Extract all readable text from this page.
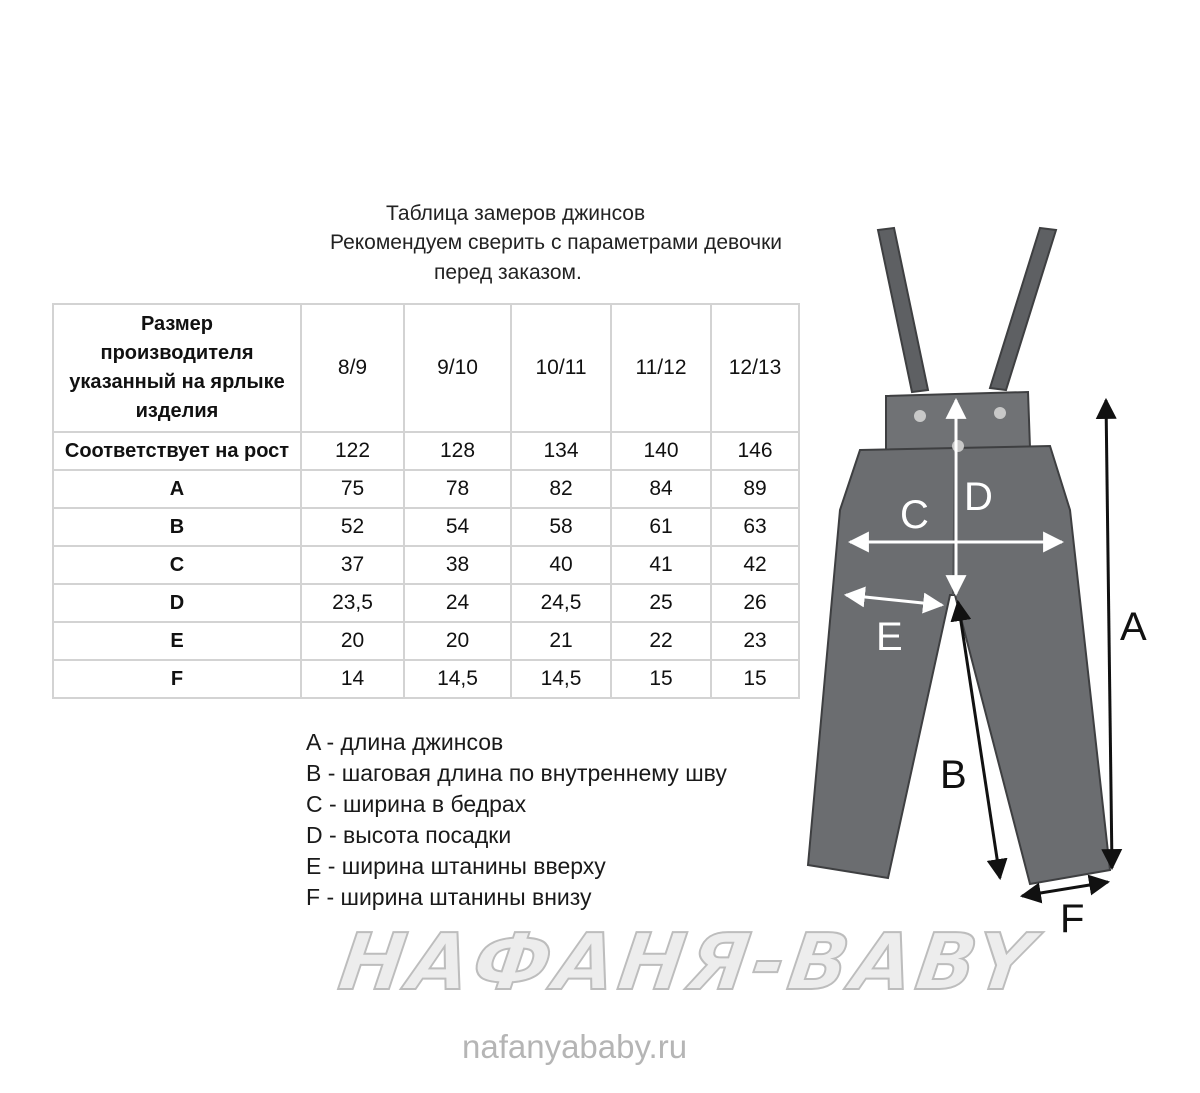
Таблица замеров джинсов
Рекомендуем сверить с параметрами девочки
перед заказом.
Размер
производителя
указанный на ярлыке
изделия	8/9	9/10	10/11	11/12	12/13
Соответствует на рост	122	128	134	140	146
A	75	78	82	84	89
B	52	54	58	61	63
C	37	38	40	41	42
D	23,5	24	24,5	25	26
E	20	20	21	22	23
F	14	14,5	14,5	15	15
A - длина джинсов
B - шаговая длина по внутреннему шву
C - ширина в бедрах
D - высота посадки
E - ширина штанины вверху
F - ширина штанины внизу
A
B
F
C D
E
НАФАНЯ-BABY
nafanyababy.ru
